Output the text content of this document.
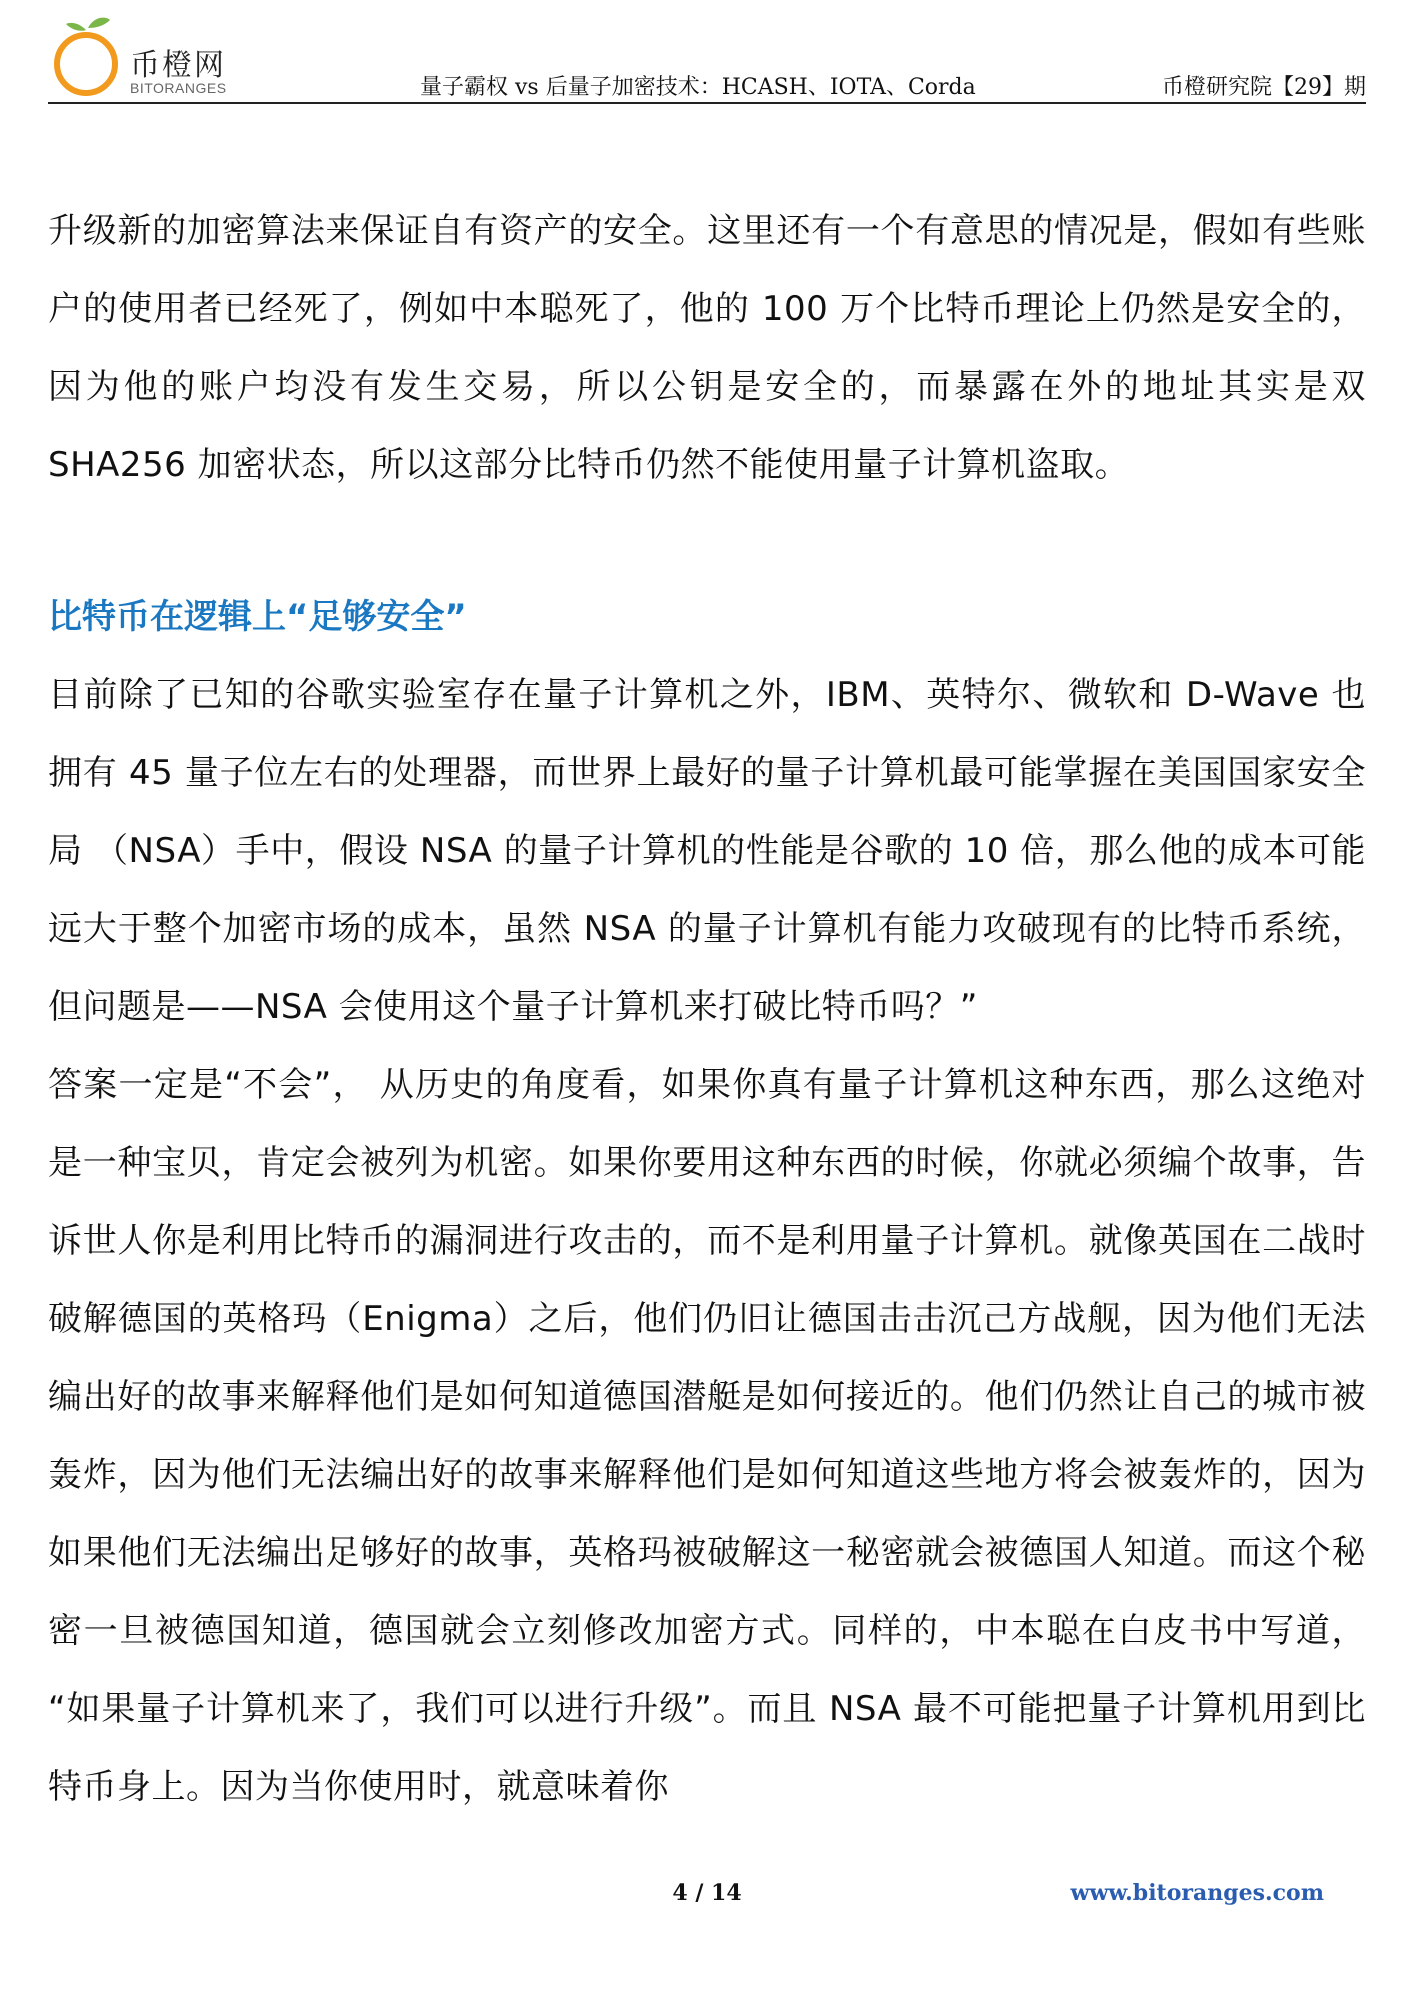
币橙网
BITORANGES	量子霸权 vs 后量子加密技术：HCASH、IOTA、Corda	币橙研究院【29】期

升级新的加密算法来保证自有资产的安全。这里还有一个有意思的情况是，假如有些账户的使用者已经死了，例如中本聪死了，他的 100 万个比特币理论上仍然是安全的，因为他的账户均没有发生交易，所以公钥是安全的，而暴露在外的地址其实是双 SHA256 加密状态，所以这部分比特币仍然不能使用量子计算机盗取。

比特币在逻辑上“足够安全”

目前除了已知的谷歌实验室存在量子计算机之外，IBM、英特尔、微软和 D-Wave 也拥有 45 量子位左右的处理器，而世界上最好的量子计算机最可能掌握在美国国家安全局 （NSA）手中，假设 NSA 的量子计算机的性能是谷歌的 10 倍，那么他的成本可能远大于整个加密市场的成本，虽然 NSA 的量子计算机有能力攻破现有的比特币系统，但问题是——NSA 会使用这个量子计算机来打破比特币吗？”

答案一定是“不会”， 从历史的角度看，如果你真有量子计算机这种东西，那么这绝对是一种宝贝，肯定会被列为机密。如果你要用这种东西的时候，你就必须编个故事，告诉世人你是利用比特币的漏洞进行攻击的，而不是利用量子计算机。就像英国在二战时破解德国的英格玛（Enigma）之后，他们仍旧让德国击击沉己方战舰，因为他们无法编出好的故事来解释他们是如何知道德国潜艇是如何接近的。他们仍然让自己的城市被轰炸，因为他们无法编出好的故事来解释他们是如何知道这些地方将会被轰炸的，因为如果他们无法编出足够好的故事，英格玛被破解这一秘密就会被德国人知道。而这个秘密一旦被德国知道，德国就会立刻修改加密方式。同样的，中本聪在白皮书中写道， “如果量子计算机来了，我们可以进行升级”。而且 NSA 最不可能把量子计算机用到比特币身上。因为当你使用时，就意味着你

4 / 14	www.bitoranges.com
